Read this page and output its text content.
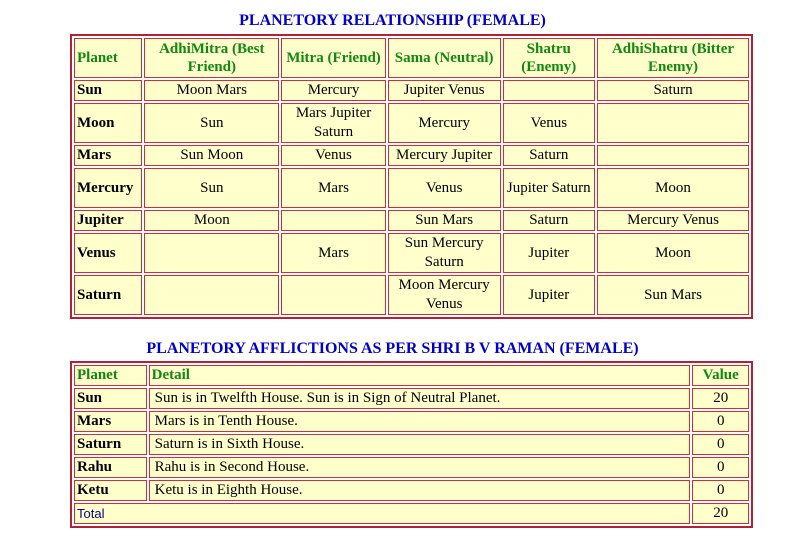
PLANETORY RELATIONSHIP (FEMALE)
Planet	AdhiMitra (Best Friend)	Mitra (Friend)	Sama (Neutral)	Shatru (Enemy)	AdhiShatru (Bitter Enemy)
Sun	Moon Mars	Mercury	Jupiter Venus		Saturn
Moon	Sun	Mars Jupiter Saturn	Mercury	Venus	
Mars	Sun Moon	Venus	Mercury Jupiter	Saturn	
Mercury	Sun	Mars	Venus	Jupiter Saturn	Moon
Jupiter	Moon		Sun Mars	Saturn	Mercury Venus
Venus		Mars	Sun Mercury Saturn	Jupiter	Moon
Saturn			Moon Mercury Venus	Jupiter	Sun Mars
PLANETORY AFFLICTIONS AS PER SHRI B V RAMAN (FEMALE)
Planet	Detail	Value
Sun	Sun is in Twelfth House. Sun is in Sign of Neutral Planet.	20
Mars	Mars is in Tenth House.	0
Saturn	Saturn is in Sixth House.	0
Rahu	Rahu is in Second House.	0
Ketu	Ketu is in Eighth House.	0
Total		20
